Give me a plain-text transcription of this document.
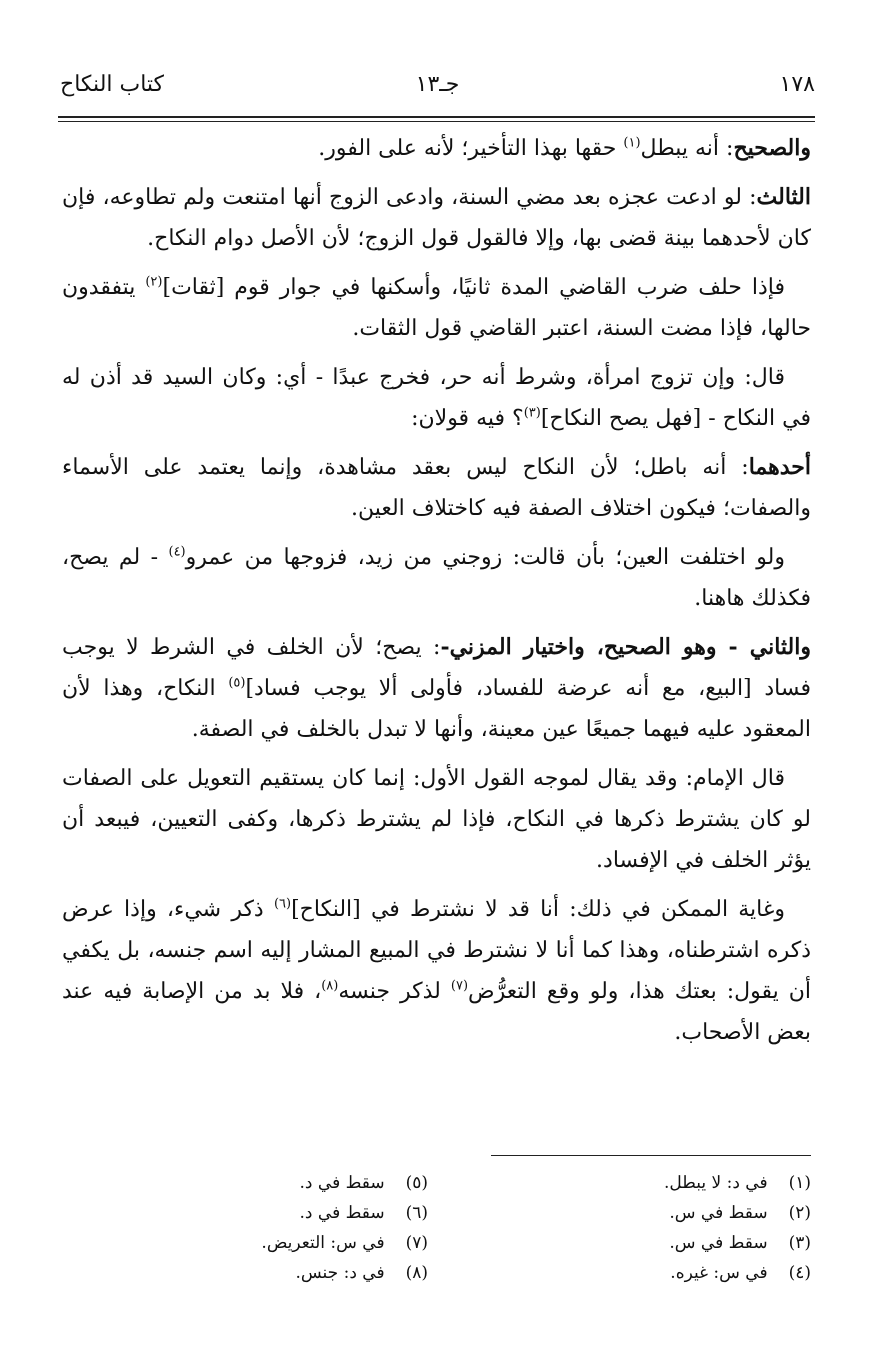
١٧٨
جـ١٣
كتاب النكاح

والصحيح: أنه يبطل$^{(١)}$ حقها بهذا التأخير؛ لأنه على الفور.

الثالث: لو ادعت عجزه بعد مضي السنة، وادعى الزوج أنها امتنعت ولم تطاوعه، فإن كان لأحدهما بينة قضى بها، وإلا فالقول قول الزوج؛ لأن الأصل دوام النكاح.

فإذا حلف ضرب القاضي المدة ثانيًا، وأسكنها في جوار قوم [ثقات]$^{(٢)}$ يتفقدون حالها، فإذا مضت السنة، اعتبر القاضي قول الثقات.

قال: وإن تزوج امرأة، وشرط أنه حر، فخرج عبدًا - أي: وكان السيد قد أذن له في النكاح - [فهل يصح النكاح]$^{(٣)}$؟ فيه قولان:

أحدهما: أنه باطل؛ لأن النكاح ليس بعقد مشاهدة، وإنما يعتمد على الأسماء والصفات؛ فيكون اختلاف الصفة فيه كاختلاف العين.

ولو اختلفت العين؛ بأن قالت: زوجني من زيد، فزوجها من عمرو$^{(٤)}$ - لم يصح، فكذلك هاهنا.

والثاني - وهو الصحيح، واختيار المزني-: يصح؛ لأن الخلف في الشرط لا يوجب فساد [البيع، مع أنه عرضة للفساد، فأولى ألا يوجب فساد]$^{(٥)}$ النكاح، وهذا لأن المعقود عليه فيهما جميعًا عين معينة، وأنها لا تبدل بالخلف في الصفة.

قال الإمام: وقد يقال لموجه القول الأول: إنما كان يستقيم التعويل على الصفات لو كان يشترط ذكرها في النكاح، فإذا لم يشترط ذكرها، وكفى التعيين، فيبعد أن يؤثر الخلف في الإفساد.

وغاية الممكن في ذلك: أنا قد لا نشترط في [النكاح]$^{(٦)}$ ذكر شيء، وإذا عرض ذكره اشترطناه، وهذا كما أنا لا نشترط في المبيع المشار إليه اسم جنسه، بل يكفي أن يقول: بعتك هذا، ولو وقع التعرُّض$^{(٧)}$ لذكر جنسه$^{(٨)}$، فلا بد من الإصابة فيه عند بعض الأصحاب.

(١) في د: لا يبطل.
(٢) سقط في س.
(٣) سقط في س.
(٤) في س: غيره.
(٥) سقط في د.
(٦) سقط في د.
(٧) في س: التعريض.
(٨) في د: جنس.
